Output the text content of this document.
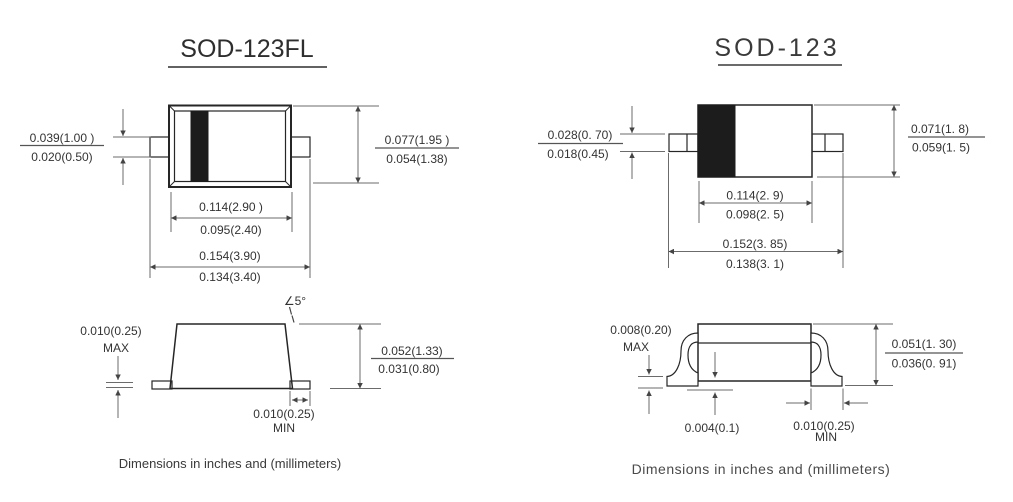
SOD-123FL
0.039(1.00 )
0.020(0.50)
0.077(1.95 )
0.054(1.38)
0.114(2.90 )
0.095(2.40)
0.154(3.90)
0.134(3.40)
∠5°
0.052(1.33)
0.031(0.80)
0.010(0.25)
MAX
0.010(0.25)
MIN
Dimensions in inches and (millimeters)
SOD-123
0.028(0. 70)
0.018(0.45)
0.071(1. 8)
0.059(1. 5)
0.114(2. 9)
0.098(2. 5)
0.152(3. 85)
0.138(3. 1)
0.051(1. 30)
0.036(0. 91)
0.008(0.20)
MAX
0.004(0.1)	0.010(0.25)
MIN
Dimensions in inches and (millimeters)
